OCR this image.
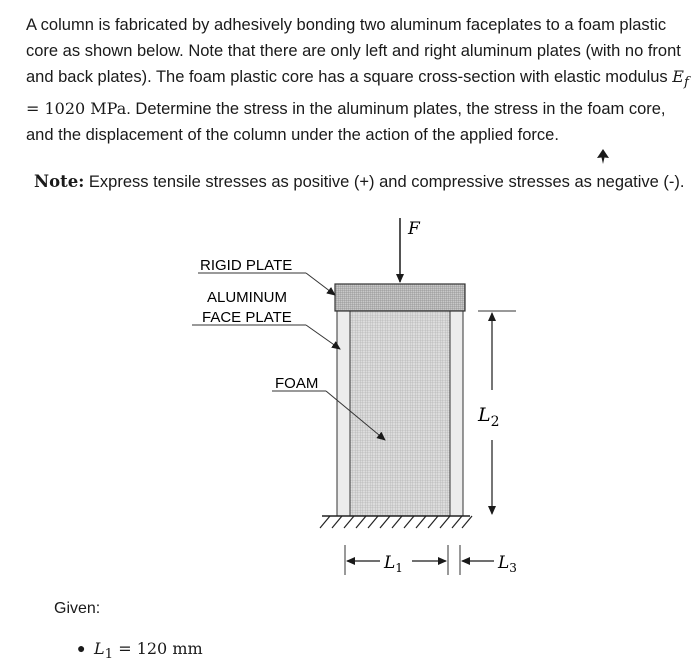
A column is fabricated by adhesively bonding two aluminum faceplates to a foam plastic core as shown below. Note that there are only left and right aluminum plates (with no front and back plates). The foam plastic core has a square cross-section with elastic modulus $E_f = 1020$ MPa. Determine the stress in the aluminum plates, the stress in the foam core, and the displacement of the column under the action of the applied force.

Note: Express tensile stresses as positive (+) and compressive stresses as negative (-).
F
RIGID PLATE
ALUMINUM
FACE PLATE
FOAM
$L_2$
$L_1$	$L_3$
Given:
● $L_1 = 120$ mm
